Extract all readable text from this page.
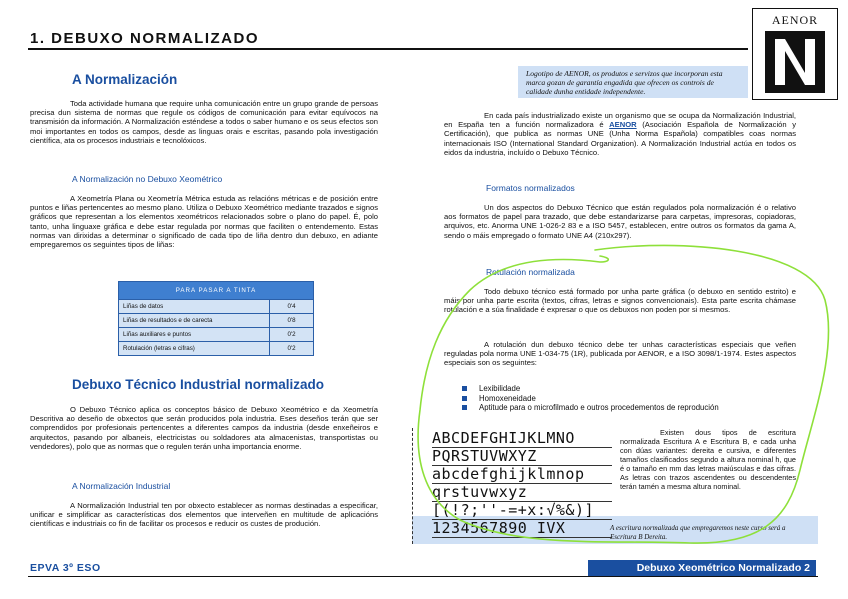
1. DEBUXO NORMALIZADO
AENOR
Logotipo de AENOR, os produtos e servizos que incorporan esta marca gozan de garantía engadida que ofrecen os controis de calidade dunha entidade independente.
A Normalización
Toda actividade humana que require unha comunicación entre un grupo grande de persoas precisa dun sistema de normas que regule os códigos de comunicación para evitar equívocos na transmisión da información. A Normalización esténdese a todos o saber humano e os seus efectos son moi importantes en todos os campos, desde as linguas orais e escritas, pasando pola investigación científica, ata os procesos industriais e tecnolóxicos.
A Normalización no Debuxo Xeométrico
A Xeometría Plana ou Xeometría Métrica estuda as relacións métricas e de posición entre puntos e liñas pertencentes ao mesmo plano. Utiliza o Debuxo Xeométrico mediante trazados e signos gráficos que representan a los elementos xeométricos relacionados sobre o plano do papel. É, polo tanto, unha linguaxe gráfica e debe estar regulada por normas que faciliten o entendemento. Estas normas van dirixidas a determinar o significado de cada tipo de liña dentro dun debuxo, en adiante empregaremos os seguintes tipos de liñas:
PARA PASAR A TINTA	
Liñas de datos	0'4
Liñas de resultados e de carecta	0'8
Liñas auxiliares e puntos	0'2
Rotulación (letras e cifras)	0'2
Debuxo Técnico Industrial normalizado
O Debuxo Técnico aplica os conceptos básico de Debuxo Xeométrico e da Xeometría Descritiva ao deseño de obxectos que serán producidos pola industria. Eses deseños terán que ser comprendidos por profesionais pertencentes a diferentes campos da industria (desde enxeñeiros e arquitectos, pasando por albaneis, electricistas ou soldadores ata almacenistas, transportistas ou vendedores), polo que as normas que o regulen terán unha importancia enorme.
A Normalización Industrial
A Normalización Industrial ten por obxecto establecer as normas destinadas a especificar, unificar e simplificar as características dos elementos que interveñen en multitude de aplicacións científicas e industriais co fin de facilitar os procesos e reducir os custes de produción.
En cada país industrializado existe un organismo que se ocupa da Normalización Industrial, en España ten a función normalizadora é AENOR (Asociación Española de Normalización y Certificación), que publica as normas UNE (Unha Norma Española) compatibles coas normas internacionais ISO (International Standard Organization). A Normalización Industrial actúa en todos os eidos da industria, incluído o Debuxo Técnico.
Formatos normalizados
Un dos aspectos do Debuxo Técnico que están regulados pola normalización é o relativo aos formatos de papel para trazado, que debe estandarizarse para carpetas, impresoras, copiadoras, arquivos, etc. Anorma UNE 1-026-2 83 e a ISO 5457, establecen, entre outros os formatos da gama A, sendo o máis empregado o formato UNE A4 (210x297).
Rotulación normalizada
Todo debuxo técnico está formado por unha parte gráfica (o debuxo en sentido estrito) e máis por unha parte escrita (textos, cifras, letras e signos convencionais). Esta parte escrita chámase rotulación e a súa finalidade é expresar o que os debuxos non poden por si mesmos.
A rotulación dun debuxo técnico debe ter unhas características especiais que veñen reguladas pola norma UNE 1-034-75 (1R), publicada por AENOR, e a ISO 3098/1-1974. Estes aspectos especiais son os seguintes:
Lexibilidade
Homoxeneidade
Aptitude para o microfilmado e outros procedementos de reprodución
A escritura normalizada que empregaremos neste curso será a Escritura B Dereita.
ABCDEFGHIJKLMNO
PQRSTUVWXYZ
abcdefghijklmnop
qrstuvwxyz
[(!?;''-=+x:√%&)]
1234567890 IVX
Existen dous tipos de escritura normalizada Escritura A e Escritura B, e cada unha con dúas variantes: dereita e cursiva, e diferentes tamaños clasificados segundo a altura nominal h, que é o tamaño en mm das letras maiúsculas e das cifras. As letras con trazos ascendentes ou descendentes terán tamén a mesma altura nominal.
EPVA 3º ESO	Debuxo Xeométrico Normalizado 2
